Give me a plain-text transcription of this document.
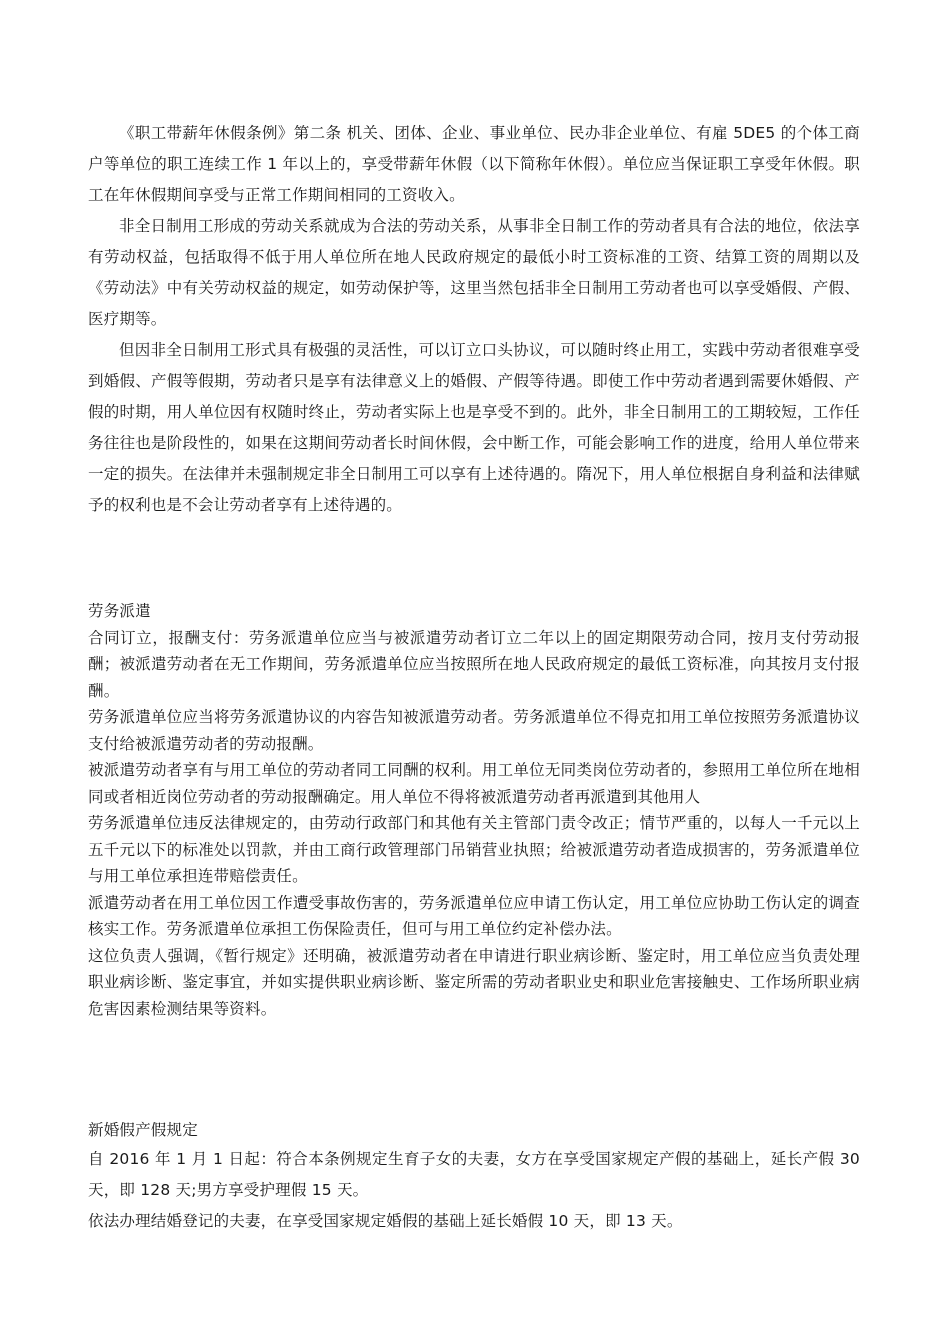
《职工带薪年休假条例》第二条 机关、团体、企业、事业单位、民办非企业单位、有雇 5DE5 的个体工商户等单位的职工连续工作 1 年以上的，享受带薪年休假（以下简称年休假）。单位应当保证职工享受年休假。职工在年休假期间享受与正常工作期间相同的工资收入。

非全日制用工形成的劳动关系就成为合法的劳动关系，从事非全日制工作的劳动者具有合法的地位，依法享有劳动权益，包括取得不低于用人单位所在地人民政府规定的最低小时工资标准的工资、结算工资的周期以及《劳动法》中有关劳动权益的规定，如劳动保护等，这里当然包括非全日制用工劳动者也可以享受婚假、产假、医疗期等。

但因非全日制用工形式具有极强的灵活性，可以订立口头协议，可以随时终止用工，实践中劳动者很难享受到婚假、产假等假期，劳动者只是享有法律意义上的婚假、产假等待遇。即使工作中劳动者遇到需要休婚假、产假的时期，用人单位因有权随时终止，劳动者实际上也是享受不到的。此外，非全日制用工的工期较短，工作任务往往也是阶段性的，如果在这期间劳动者长时间休假，会中断工作，可能会影响工作的进度，给用人单位带来一定的损失。在法律并未强制规定非全日制用工可以享有上述待遇的。隋况下，用人单位根据自身利益和法律赋予的权利也是不会让劳动者享有上述待遇的。

劳务派遣

合同订立，报酬支付：劳务派遣单位应当与被派遣劳动者订立二年以上的固定期限劳动合同，按月支付劳动报酬；被派遣劳动者在无工作期间，劳务派遣单位应当按照所在地人民政府规定的最低工资标准，向其按月支付报酬。

劳务派遣单位应当将劳务派遣协议的内容告知被派遣劳动者。劳务派遣单位不得克扣用工单位按照劳务派遣协议支付给被派遣劳动者的劳动报酬。

被派遣劳动者享有与用工单位的劳动者同工同酬的权利。用工单位无同类岗位劳动者的，参照用工单位所在地相同或者相近岗位劳动者的劳动报酬确定。用人单位不得将被派遣劳动者再派遣到其他用人

劳务派遣单位违反法律规定的，由劳动行政部门和其他有关主管部门责令改正；情节严重的，以每人一千元以上五千元以下的标准处以罚款，并由工商行政管理部门吊销营业执照；给被派遣劳动者造成损害的，劳务派遣单位与用工单位承担连带赔偿责任。

派遣劳动者在用工单位因工作遭受事故伤害的，劳务派遣单位应申请工伤认定，用工单位应协助工伤认定的调查核实工作。劳务派遣单位承担工伤保险责任，但可与用工单位约定补偿办法。

这位负责人强调，《暂行规定》还明确，被派遣劳动者在申请进行职业病诊断、鉴定时，用工单位应当负责处理职业病诊断、鉴定事宜，并如实提供职业病诊断、鉴定所需的劳动者职业史和职业危害接触史、工作场所职业病危害因素检测结果等资料。

新婚假产假规定

自 2016 年 1 月 1 日起：符合本条例规定生育子女的夫妻，女方在享受国家规定产假的基础上，延长产假 30 天，即 128 天;男方享受护理假 15 天。

依法办理结婚登记的夫妻，在享受国家规定婚假的基础上延长婚假 10 天，即 13 天。
